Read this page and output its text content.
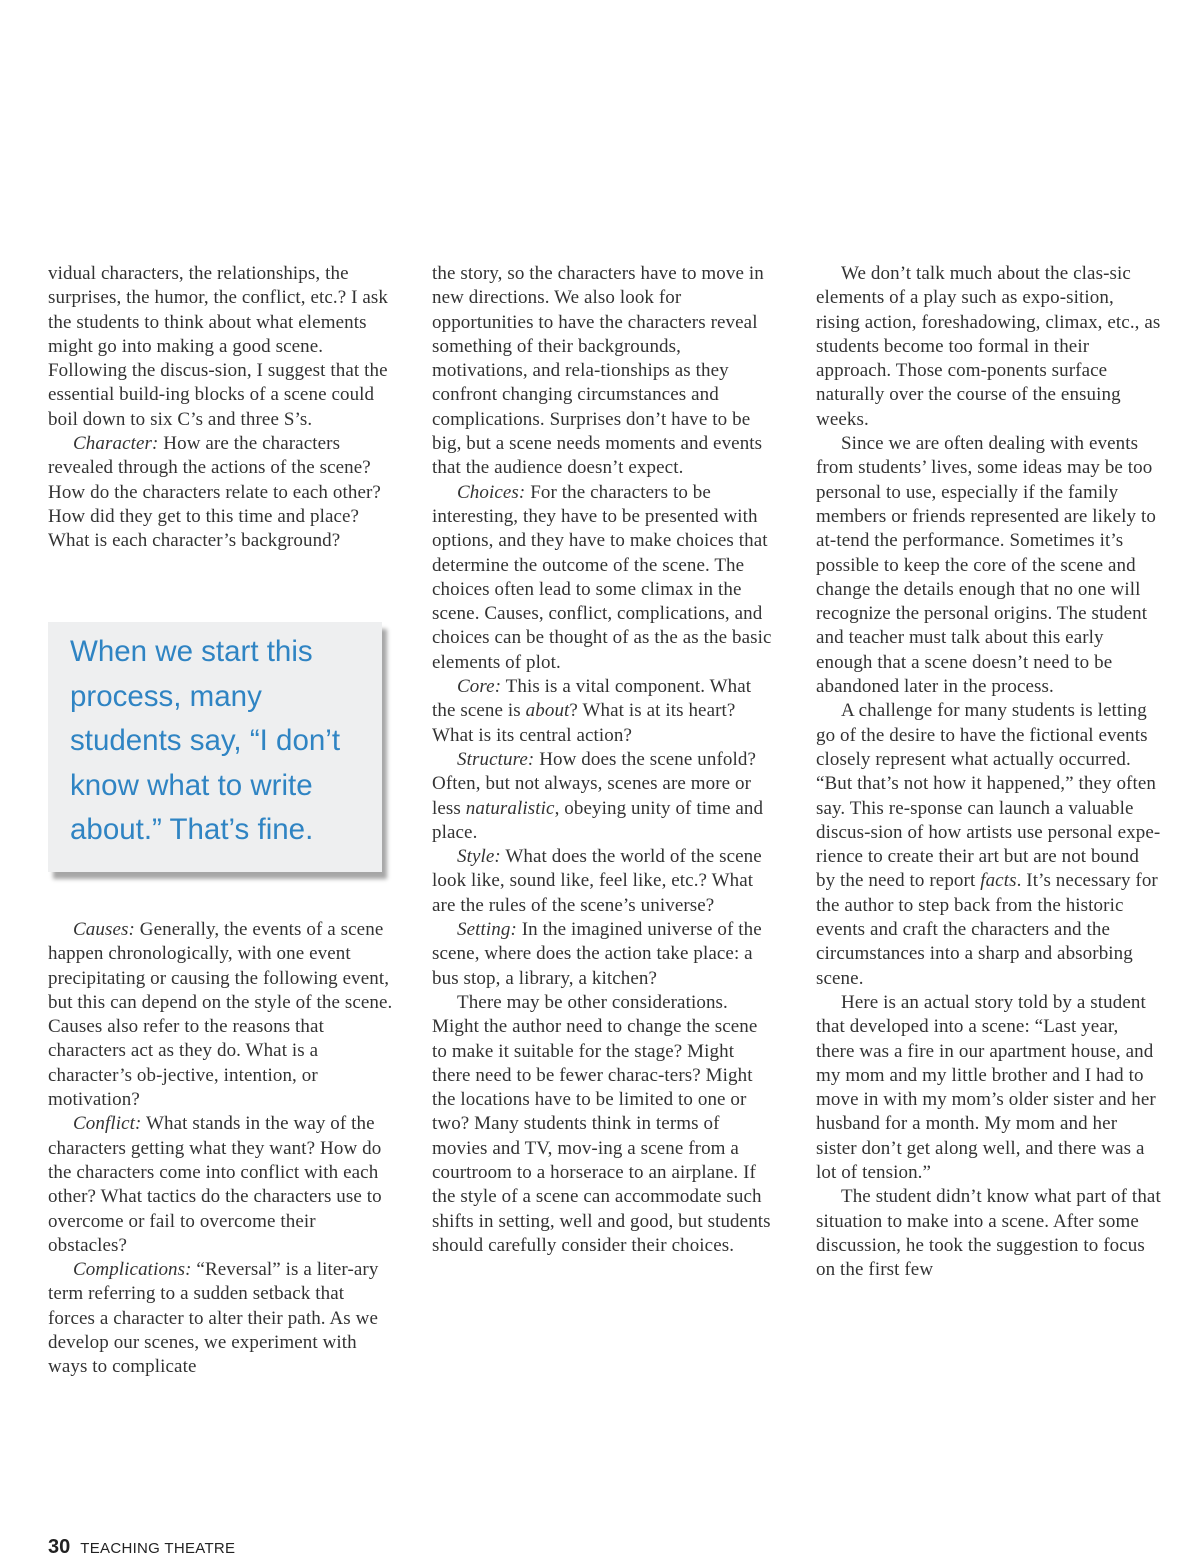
vidual characters, the relationships, the surprises, the humor, the conflict, etc.? I ask the students to think about what elements might go into making a good scene. Following the discus-sion, I suggest that the essential build-ing blocks of a scene could boil down to six C’s and three S’s.

Character: How are the characters revealed through the actions of the scene? How do the characters relate to each other? How did they get to this time and place? What is each character’s background?

When we start this process, many students say, “I don’t know what to write about.” That’s fine.

Causes: Generally, the events of a scene happen chronologically, with one event precipitating or causing the following event, but this can depend on the style of the scene. Causes also refer to the reasons that characters act as they do. What is a character’s ob-jective, intention, or motivation?

Conflict: What stands in the way of the characters getting what they want? How do the characters come into conflict with each other? What tactics do the characters use to overcome or fail to overcome their obstacles?

Complications: “Reversal” is a liter-ary term referring to a sudden setback that forces a character to alter their path. As we develop our scenes, we experiment with ways to complicate

the story, so the characters have to move in new directions. We also look for opportunities to have the characters reveal something of their backgrounds, motivations, and rela-tionships as they confront changing circumstances and complications. Surprises don’t have to be big, but a scene needs moments and events that the audience doesn’t expect.

Choices: For the characters to be interesting, they have to be presented with options, and they have to make choices that determine the outcome of the scene. The choices often lead to some climax in the scene. Causes, conflict, complications, and choices can be thought of as the as the basic elements of plot.

Core: This is a vital component. What the scene is about? What is at its heart? What is its central action?

Structure: How does the scene unfold? Often, but not always, scenes are more or less naturalistic, obeying unity of time and place.

Style: What does the world of the scene look like, sound like, feel like, etc.? What are the rules of the scene’s universe?

Setting: In the imagined universe of the scene, where does the action take place: a bus stop, a library, a kitchen?

There may be other considerations. Might the author need to change the scene to make it suitable for the stage? Might there need to be fewer charac-ters? Might the locations have to be limited to one or two? Many students think in terms of movies and TV, mov-ing a scene from a courtroom to a horserace to an airplane. If the style of a scene can accommodate such shifts in setting, well and good, but students should carefully consider their choices.

We don’t talk much about the clas-sic elements of a play such as expo-sition, rising action, foreshadowing, climax, etc., as students become too formal in their approach. Those com-ponents surface naturally over the course of the ensuing weeks.

Since we are often dealing with events from students’ lives, some ideas may be too personal to use, especially if the family members or friends represented are likely to at-tend the performance. Sometimes it’s possible to keep the core of the scene and change the details enough that no one will recognize the personal origins. The student and teacher must talk about this early enough that a scene doesn’t need to be abandoned later in the process.

A challenge for many students is letting go of the desire to have the fictional events closely represent what actually occurred. “But that’s not how it happened,” they often say. This re-sponse can launch a valuable discus-sion of how artists use personal expe-rience to create their art but are not bound by the need to report facts. It’s necessary for the author to step back from the historic events and craft the characters and the circumstances into a sharp and absorbing scene.

Here is an actual story told by a student that developed into a scene: “Last year, there was a fire in our apartment house, and my mom and my little brother and I had to move in with my mom’s older sister and her husband for a month. My mom and her sister don’t get along well, and there was a lot of tension.”

The student didn’t know what part of that situation to make into a scene. After some discussion, he took the suggestion to focus on the first few

30 TEACHING THEATRE
